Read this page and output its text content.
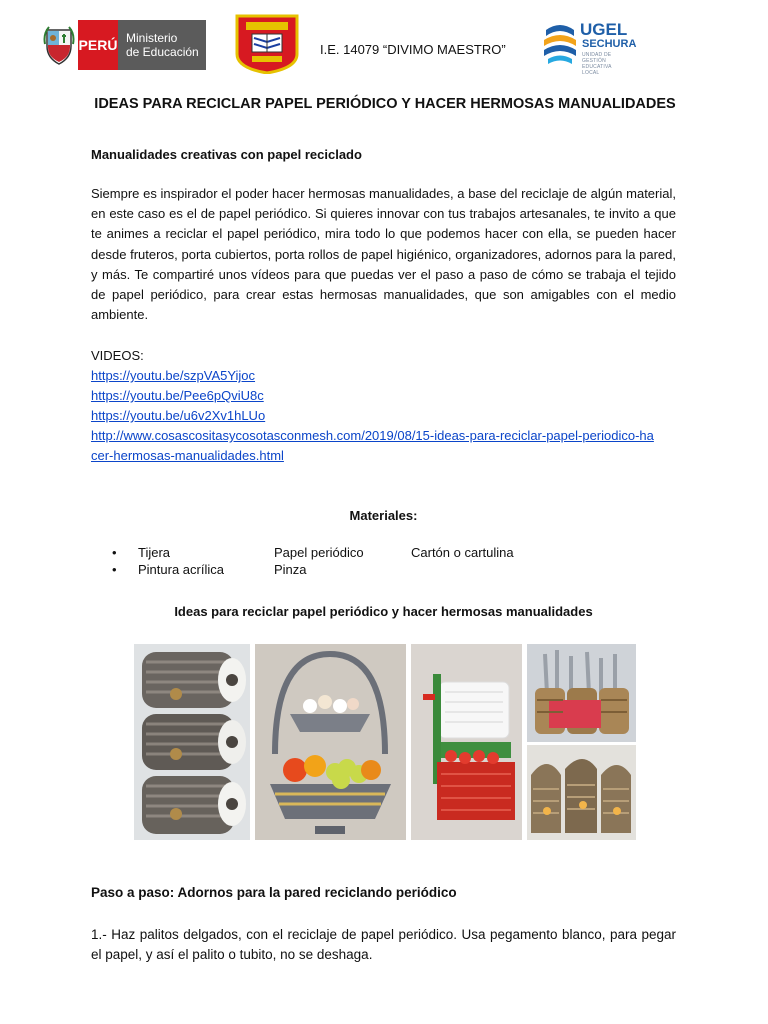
PERÚ Ministerio
de Educación	I.E. 14079 “DIVIMO MAESTRO”
UGEL
SECHURA
UNIDAD DE GESTIÓN EDUCATIVA LOCAL
IDEAS PARA RECICLAR PAPEL PERIÓDICO Y HACER HERMOSAS MANUALIDADES
Manualidades creativas con papel reciclado
Siempre es inspirador el poder hacer hermosas manualidades, a base del reciclaje de algún material, en este caso es el de papel periódico. Si quieres innovar con tus trabajos artesanales, te invito a que te animes a reciclar el papel periódico, mira todo lo que podemos hacer con ella, se pueden hacer desde fruteros, porta cubiertos, porta rollos de papel higiénico, organizadores, adornos para la pared, y más. Te compartiré unos vídeos para que puedas ver el paso a paso de cómo se trabaja el tejido de papel periódico, para crear estas hermosas manualidades, que son amigables con el medio ambiente.
VIDEOS:
https://youtu.be/szpVA5Yijoc
https://youtu.be/Pee6pQviU8c
https://youtu.be/u6v2Xv1hLUo
http://www.cosascositasycosotasconmesh.com/2019/08/15-ideas-para-reciclar-papel-periodico-hacer-hermosas-manualidades.html
Materiales:
• Tijera	Papel periódico	Cartón o cartulina
• Pintura acrílica	Pinza
Ideas para reciclar papel periódico y hacer hermosas manualidades
Paso a paso: Adornos para la pared reciclando periódico
1.- Haz palitos delgados, con el reciclaje de papel periódico. Usa pegamento blanco, para pegar el papel, y así el palito o tubito, no se deshaga.
